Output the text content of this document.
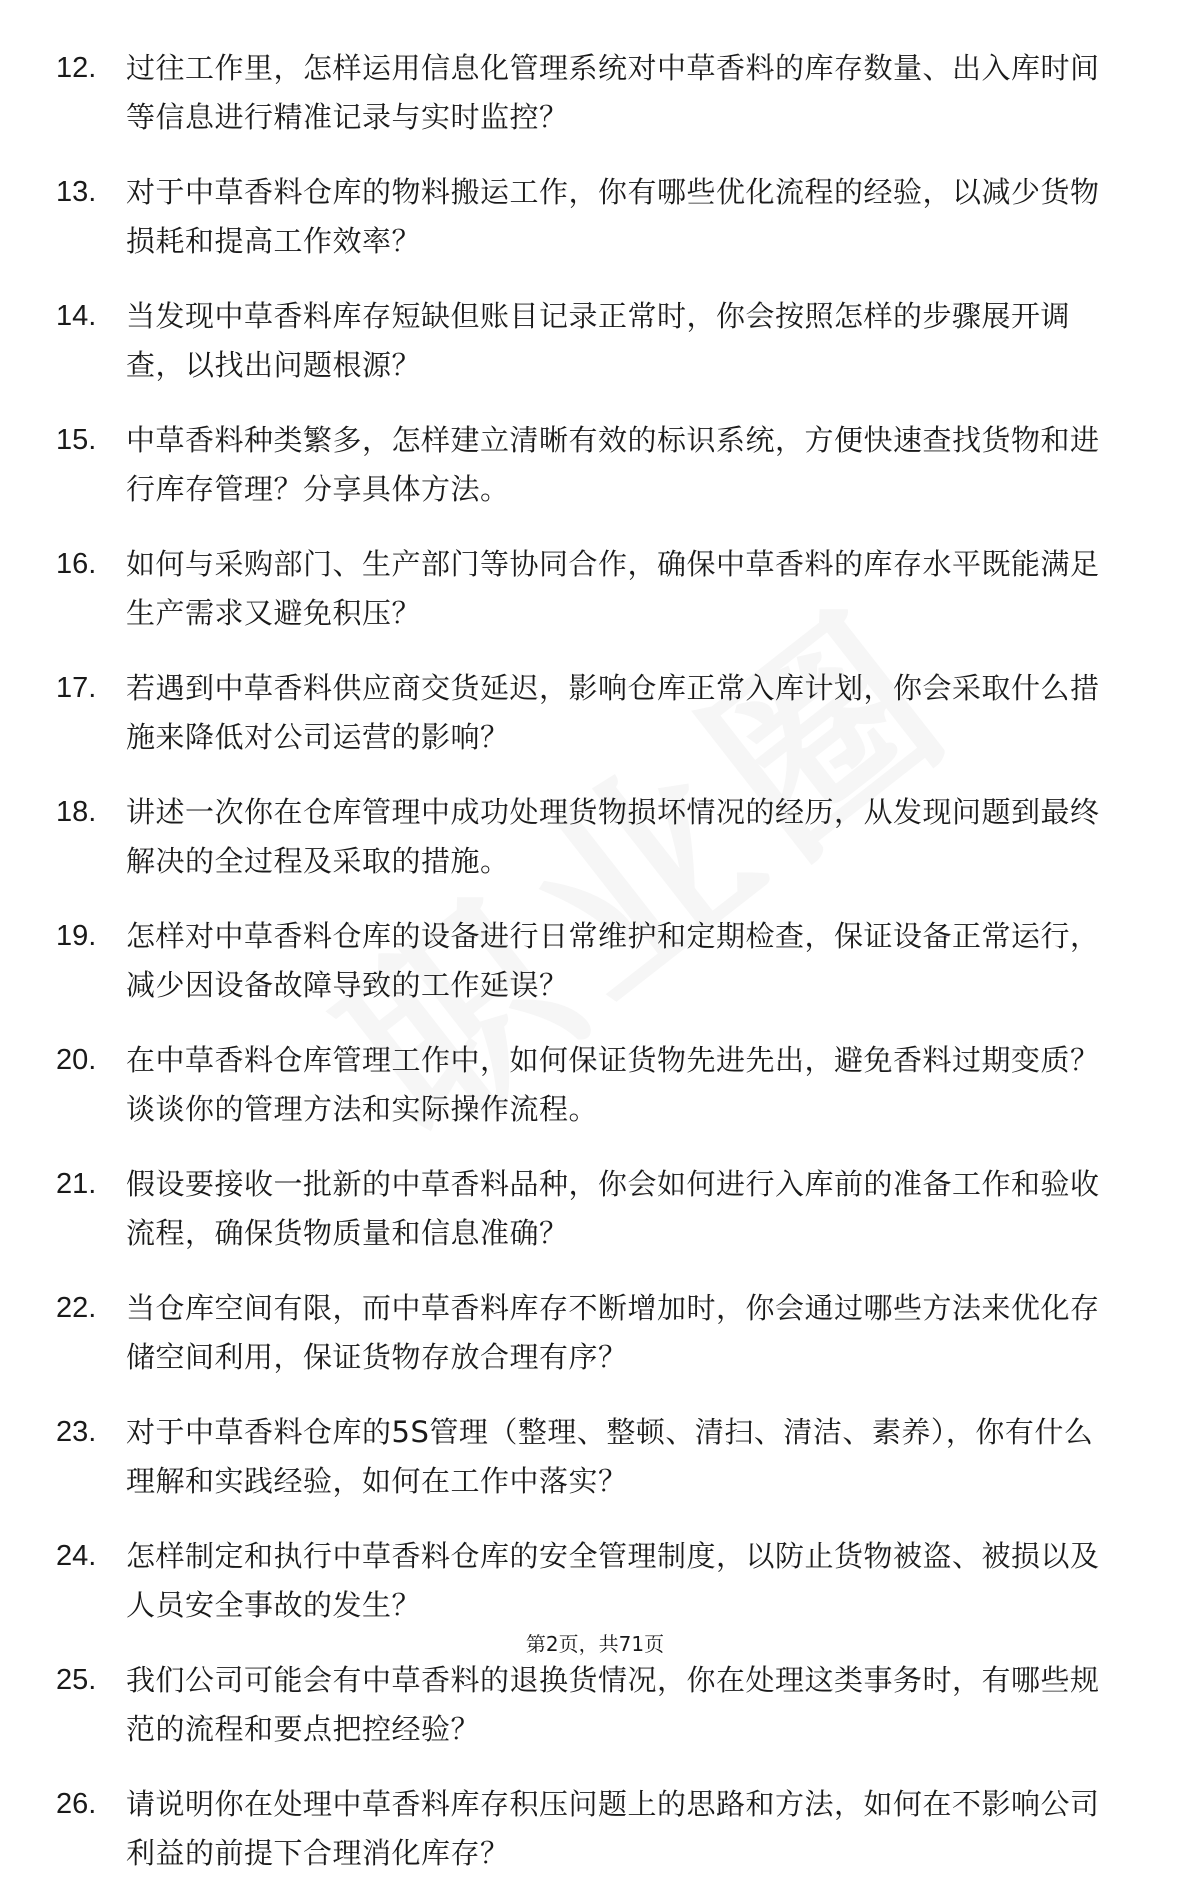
12.	过往工作里，怎样运用信息化管理系统对中草香料的库存数量、出入库时间等信息进行精准记录与实时监控？
13.	对于中草香料仓库的物料搬运工作，你有哪些优化流程的经验，以减少货物损耗和提高工作效率？
14.	当发现中草香料库存短缺但账目记录正常时，你会按照怎样的步骤展开调查，以找出问题根源？
15.	中草香料种类繁多，怎样建立清晰有效的标识系统，方便快速查找货物和进行库存管理？分享具体方法。
16.	如何与采购部门、生产部门等协同合作，确保中草香料的库存水平既能满足生产需求又避免积压？
17.	若遇到中草香料供应商交货延迟，影响仓库正常入库计划，你会采取什么措施来降低对公司运营的影响？
18.	讲述一次你在仓库管理中成功处理货物损坏情况的经历，从发现问题到最终解决的全过程及采取的措施。
19.	怎样对中草香料仓库的设备进行日常维护和定期检查，保证设备正常运行，减少因设备故障导致的工作延误？
20.	在中草香料仓库管理工作中，如何保证货物先进先出，避免香料过期变质？谈谈你的管理方法和实际操作流程。
21.	假设要接收一批新的中草香料品种，你会如何进行入库前的准备工作和验收流程，确保货物质量和信息准确？
22.	当仓库空间有限，而中草香料库存不断增加时，你会通过哪些方法来优化存储空间利用，保证货物存放合理有序？
23.	对于中草香料仓库的5S管理（整理、整顿、清扫、清洁、素养），你有什么理解和实践经验，如何在工作中落实？
24.	怎样制定和执行中草香料仓库的安全管理制度，以防止货物被盗、被损以及人员安全事故的发生？
25.	我们公司可能会有中草香料的退换货情况，你在处理这类事务时，有哪些规范的流程和要点把控经验？
26.	请说明你在处理中草香料库存积压问题上的思路和方法，如何在不影响公司利益的前提下合理消化库存？
第2页，共71页
